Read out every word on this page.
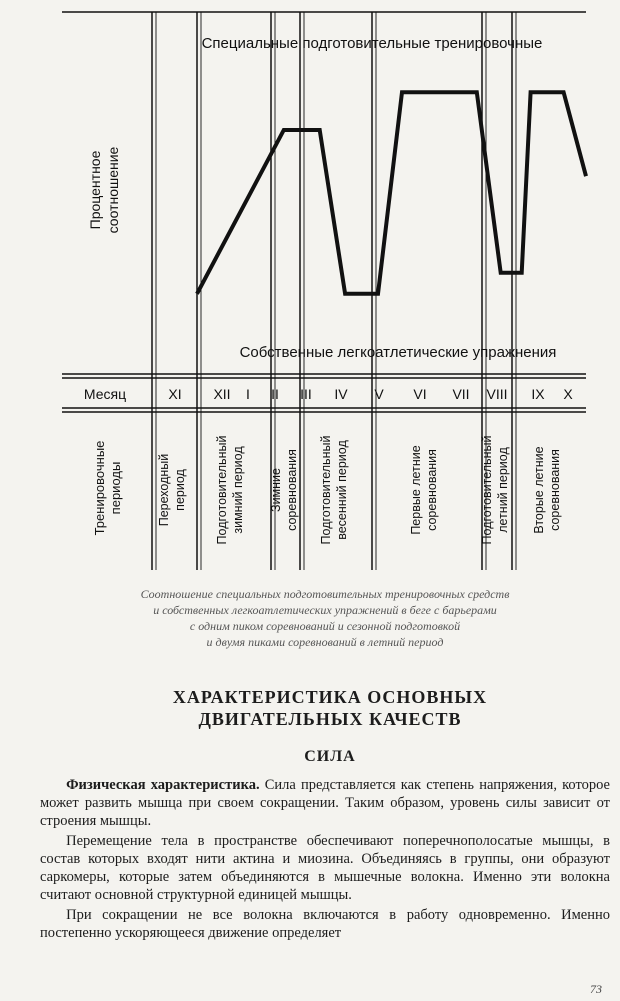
Специальные подготовительные тренировочные
Собственные легкоатлетические упражнения
Процентное соотношение
Месяц
Тренировочные периоды
XI XII I II III IV V VI VII VIII IX X
Переходный период Подготовительный зимний период Зимние соревнования Подготовительный весенний период	Первые летние соревнования	Подготовительный летний период Вторые летние соревнования
Соотношение специальных подготовительных тренировочных средств
и собственных легкоатлетических упражнений в беге с барьерами
с одним пиком соревнований и сезонной подготовкой
и двумя пиками соревнований в летний период
ХАРАКТЕРИСТИКА ОСНОВНЫХ
ДВИГАТЕЛЬНЫХ КАЧЕСТВ
СИЛА

Физическая характеристика. Сила представляется как степень напряжения, которое может развить мышца при своем сокращении. Таким образом, уровень силы зависит от строения мышцы.

Перемещение тела в пространстве обеспечивают поперечнополосатые мышцы, в состав которых входят нити актина и миозина. Объединяясь в группы, они образуют саркомеры, которые затем объединяются в мышечные волокна. Именно эти волокна считают основной структурной единицей мышцы.

При сокращении не все волокна включаются в работу одновременно. Именно постепенно ускоряющееся движение определяет

73
